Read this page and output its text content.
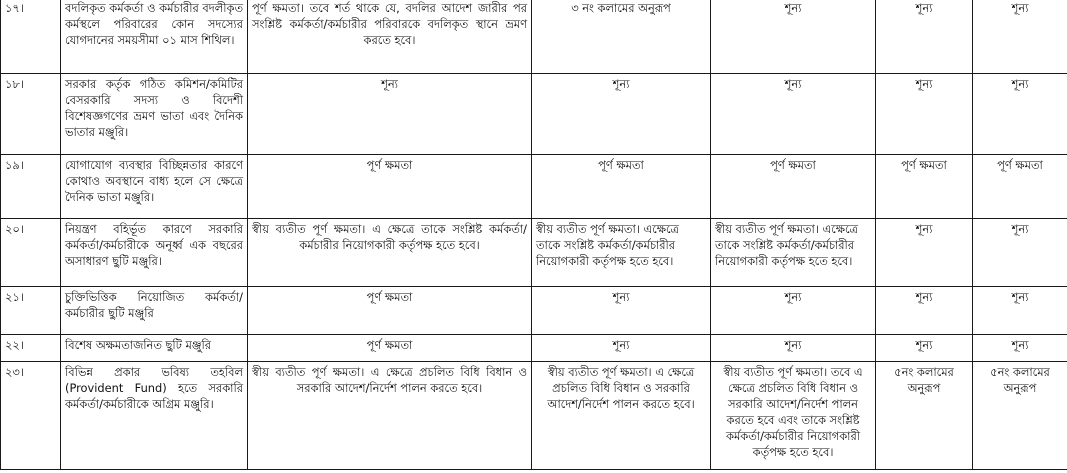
১৭।	বদলিকৃত কর্মকর্তা ও কর্মচারীর বদলীকৃত কর্মস্থলে পরিবারের কোন সদস্যের যোগদানের সময়সীমা ০১ মাস শিথিল।	পূর্ণ ক্ষমতা। তবে শর্ত থাকে যে, বদলির আদেশ জারীর পর সংশ্লিষ্ট কর্মকর্তা/কর্মচারীর পরিবারকে বদলিকৃত স্থানে ভ্রমণ করতে হবে।	৩ নং কলামের অনুরূপ	শূন্য	শূন্য	শূন্য
১৮।	সরকার কর্তৃক গঠিত কমিশন/কমিটির বেসরকারি সদস্য ও বিদেশী বিশেষজ্ঞগণের ভ্রমণ ভাতা এবং দৈনিক ভাতার মঞ্জুরি।	শূন্য	শূন্য	শূন্য	শূন্য	শূন্য
১৯।	যোগাযোগ ব্যবস্থার বিচ্ছিন্নতার কারণে কোথাও অবস্থানে বাধ্য হলে সে ক্ষেত্রে দৈনিক ভাতা মঞ্জুরি।	পূর্ণ ক্ষমতা	পূর্ণ ক্ষমতা	পূর্ণ ক্ষমতা	পূর্ণ ক্ষমতা	পূর্ণ ক্ষমতা
২০।	নিয়ন্ত্রণ বহির্ভূত কারণে সরকারি কর্মকর্তা/কর্মচারীকে অনূর্ধ্ব এক বছরের অসাধারণ ছুটি মঞ্জুরি।	স্বীয় ব্যতীত পূর্ণ ক্ষমতা। এ ক্ষেত্রে তাকে সংশ্লিষ্ট কর্মকর্তা/কর্মচারীর নিয়োগকারী কর্তৃপক্ষ হতে হবে।	স্বীয় ব্যতীত পূর্ণ ক্ষমতা। এক্ষেত্রে তাকে সংশ্লিষ্ট কর্মকর্তা/কর্মচারীর নিয়োগকারী কর্তৃপক্ষ হতে হবে।	স্বীয় ব্যতীত পূর্ণ ক্ষমতা। এক্ষেত্রে তাকে সংশ্লিষ্ট কর্মকর্তা/কর্মচারীর নিয়োগকারী কর্তৃপক্ষ হতে হবে।	শূন্য	শূন্য
২১।	চুক্তিভিত্তিক নিয়োজিত কর্মকর্তা/কর্মচারীর ছুটি মঞ্জুরি	পূর্ণ ক্ষমতা	শূন্য	শূন্য	শূন্য	শূন্য
২২।	বিশেষ অক্ষমতাজনিত ছুটি মঞ্জুরি	পূর্ণ ক্ষমতা	শূন্য	শূন্য	শূন্য	শূন্য
২৩।	বিভিন্ন প্রকার ভবিষ্য তহবিল (Provident Fund) হতে সরকারি কর্মকর্তা/কর্মচারীকে অগ্রিম মঞ্জুরি।	স্বীয় ব্যতীত পূর্ণ ক্ষমতা। এ ক্ষেত্রে প্রচলিত বিধি বিধান ও সরকারি আদেশ/নির্দেশ পালন করতে হবে।	স্বীয় ব্যতীত পূর্ণ ক্ষমতা। এ ক্ষেত্রে প্রচলিত বিধি বিধান ও সরকারি আদেশ/নির্দেশ পালন করতে হবে।	স্বীয় ব্যতীত পূর্ণ ক্ষমতা। তবে এ ক্ষেত্রে প্রচলিত বিধি বিধান ও সরকারি আদেশ/নির্দেশ পালন করতে হবে এবং তাকে সংশ্লিষ্ট কর্মকর্তা/কর্মচারীর নিয়োগকারী কর্তৃপক্ষ হতে হবে।	৫নং কলামের অনুরূপ	৫নং কলামের অনুরূপ
